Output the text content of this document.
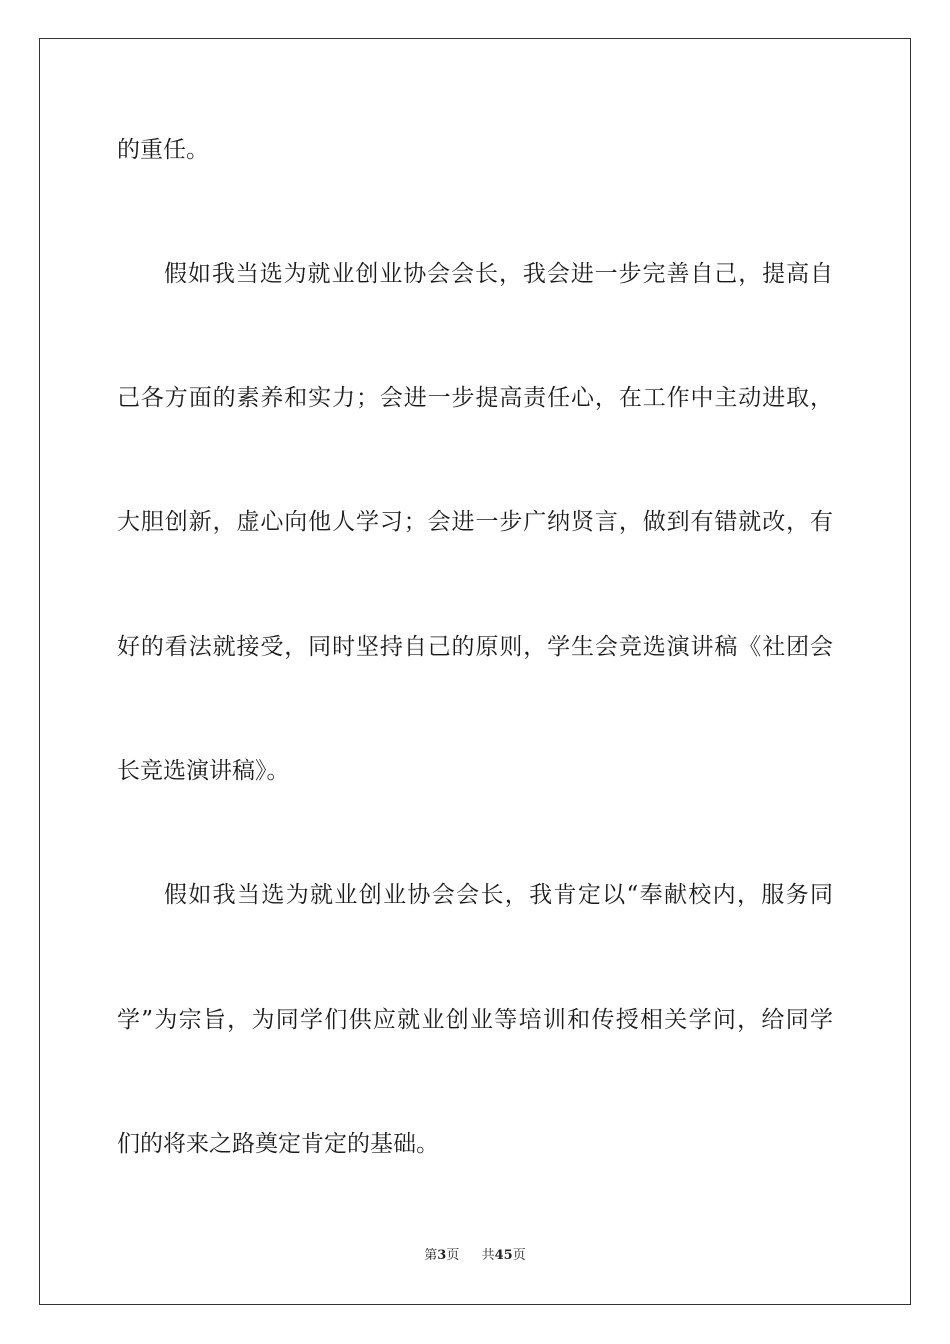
的重任。
假如我当选为就业创业协会会长，我会进一步完善自己，提高自
己各方面的素养和实力；会进一步提高责任心，在工作中主动进取，
大胆创新，虚心向他人学习；会进一步广纳贤言，做到有错就改，有
好的看法就接受，同时坚持自己的原则，学生会竞选演讲稿《社团会
长竞选演讲稿》。
假如我当选为就业创业协会会长，我肯定以“奉献校内，服务同
学”为宗旨，为同学们供应就业创业等培训和传授相关学问，给同学
们的将来之路奠定肯定的基础。
第3页 共45页
